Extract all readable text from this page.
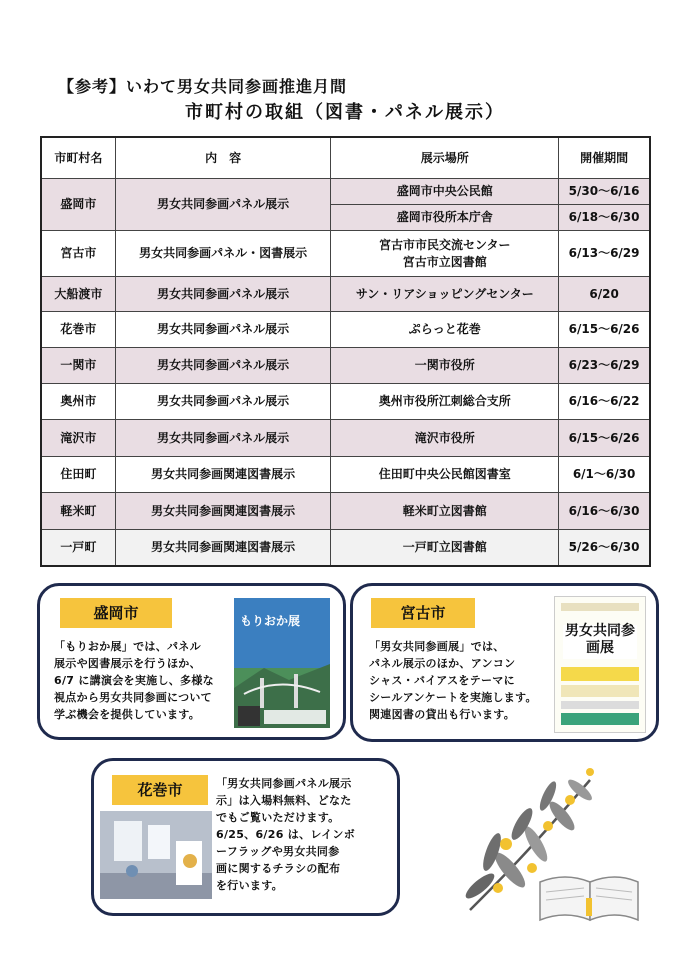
【参考】いわて男女共同参画推進月間
市町村の取組（図書・パネル展示）
市町村名	内　容	展示場所	開催期間
盛岡市	男女共同参画パネル展示	盛岡市中央公民館	5/30〜6/16
		盛岡市役所本庁舎	6/18〜6/30
宮古市	男女共同参画パネル・図書展示	宮古市市民交流センター
宮古市立図書館	6/13〜6/29
大船渡市	男女共同参画パネル展示	サン・リアショッピングセンター	6/20
花巻市	男女共同参画パネル展示	ぷらっと花巻	6/15〜6/26
一関市	男女共同参画パネル展示	一関市役所	6/23〜6/29
奥州市	男女共同参画パネル展示	奥州市役所江刺総合支所	6/16〜6/22
滝沢市	男女共同参画パネル展示	滝沢市役所	6/15〜6/26
住田町	男女共同参画関連図書展示	住田町中央公民館図書室	6/1〜6/30
軽米町	男女共同参画関連図書展示	軽米町立図書館	6/16〜6/30
一戸町	男女共同参画関連図書展示	一戸町立図書館	5/26〜6/30
盛岡市
「もりおか展」では、パネル
展示や図書展示を行うほか、
6/7 に講演会を実施し、多様な
視点から男女共同参画について
学ぶ機会を提供しています。
もりおか展	宮古市
「男女共同参画展」では、
パネル展示のほか、アンコン
シャス・バイアスをテーマに
シールアンケートを実施します。
関連図書の貸出も行います。
男女共同参画展
花巻市	「男女共同参画パネル展示
示」は入場料無料、どなた
でもご覧いただけます。
6/25、6/26 は、レインボ
ーフラッグや男女共同参
画に関するチラシの配布
を行います。
